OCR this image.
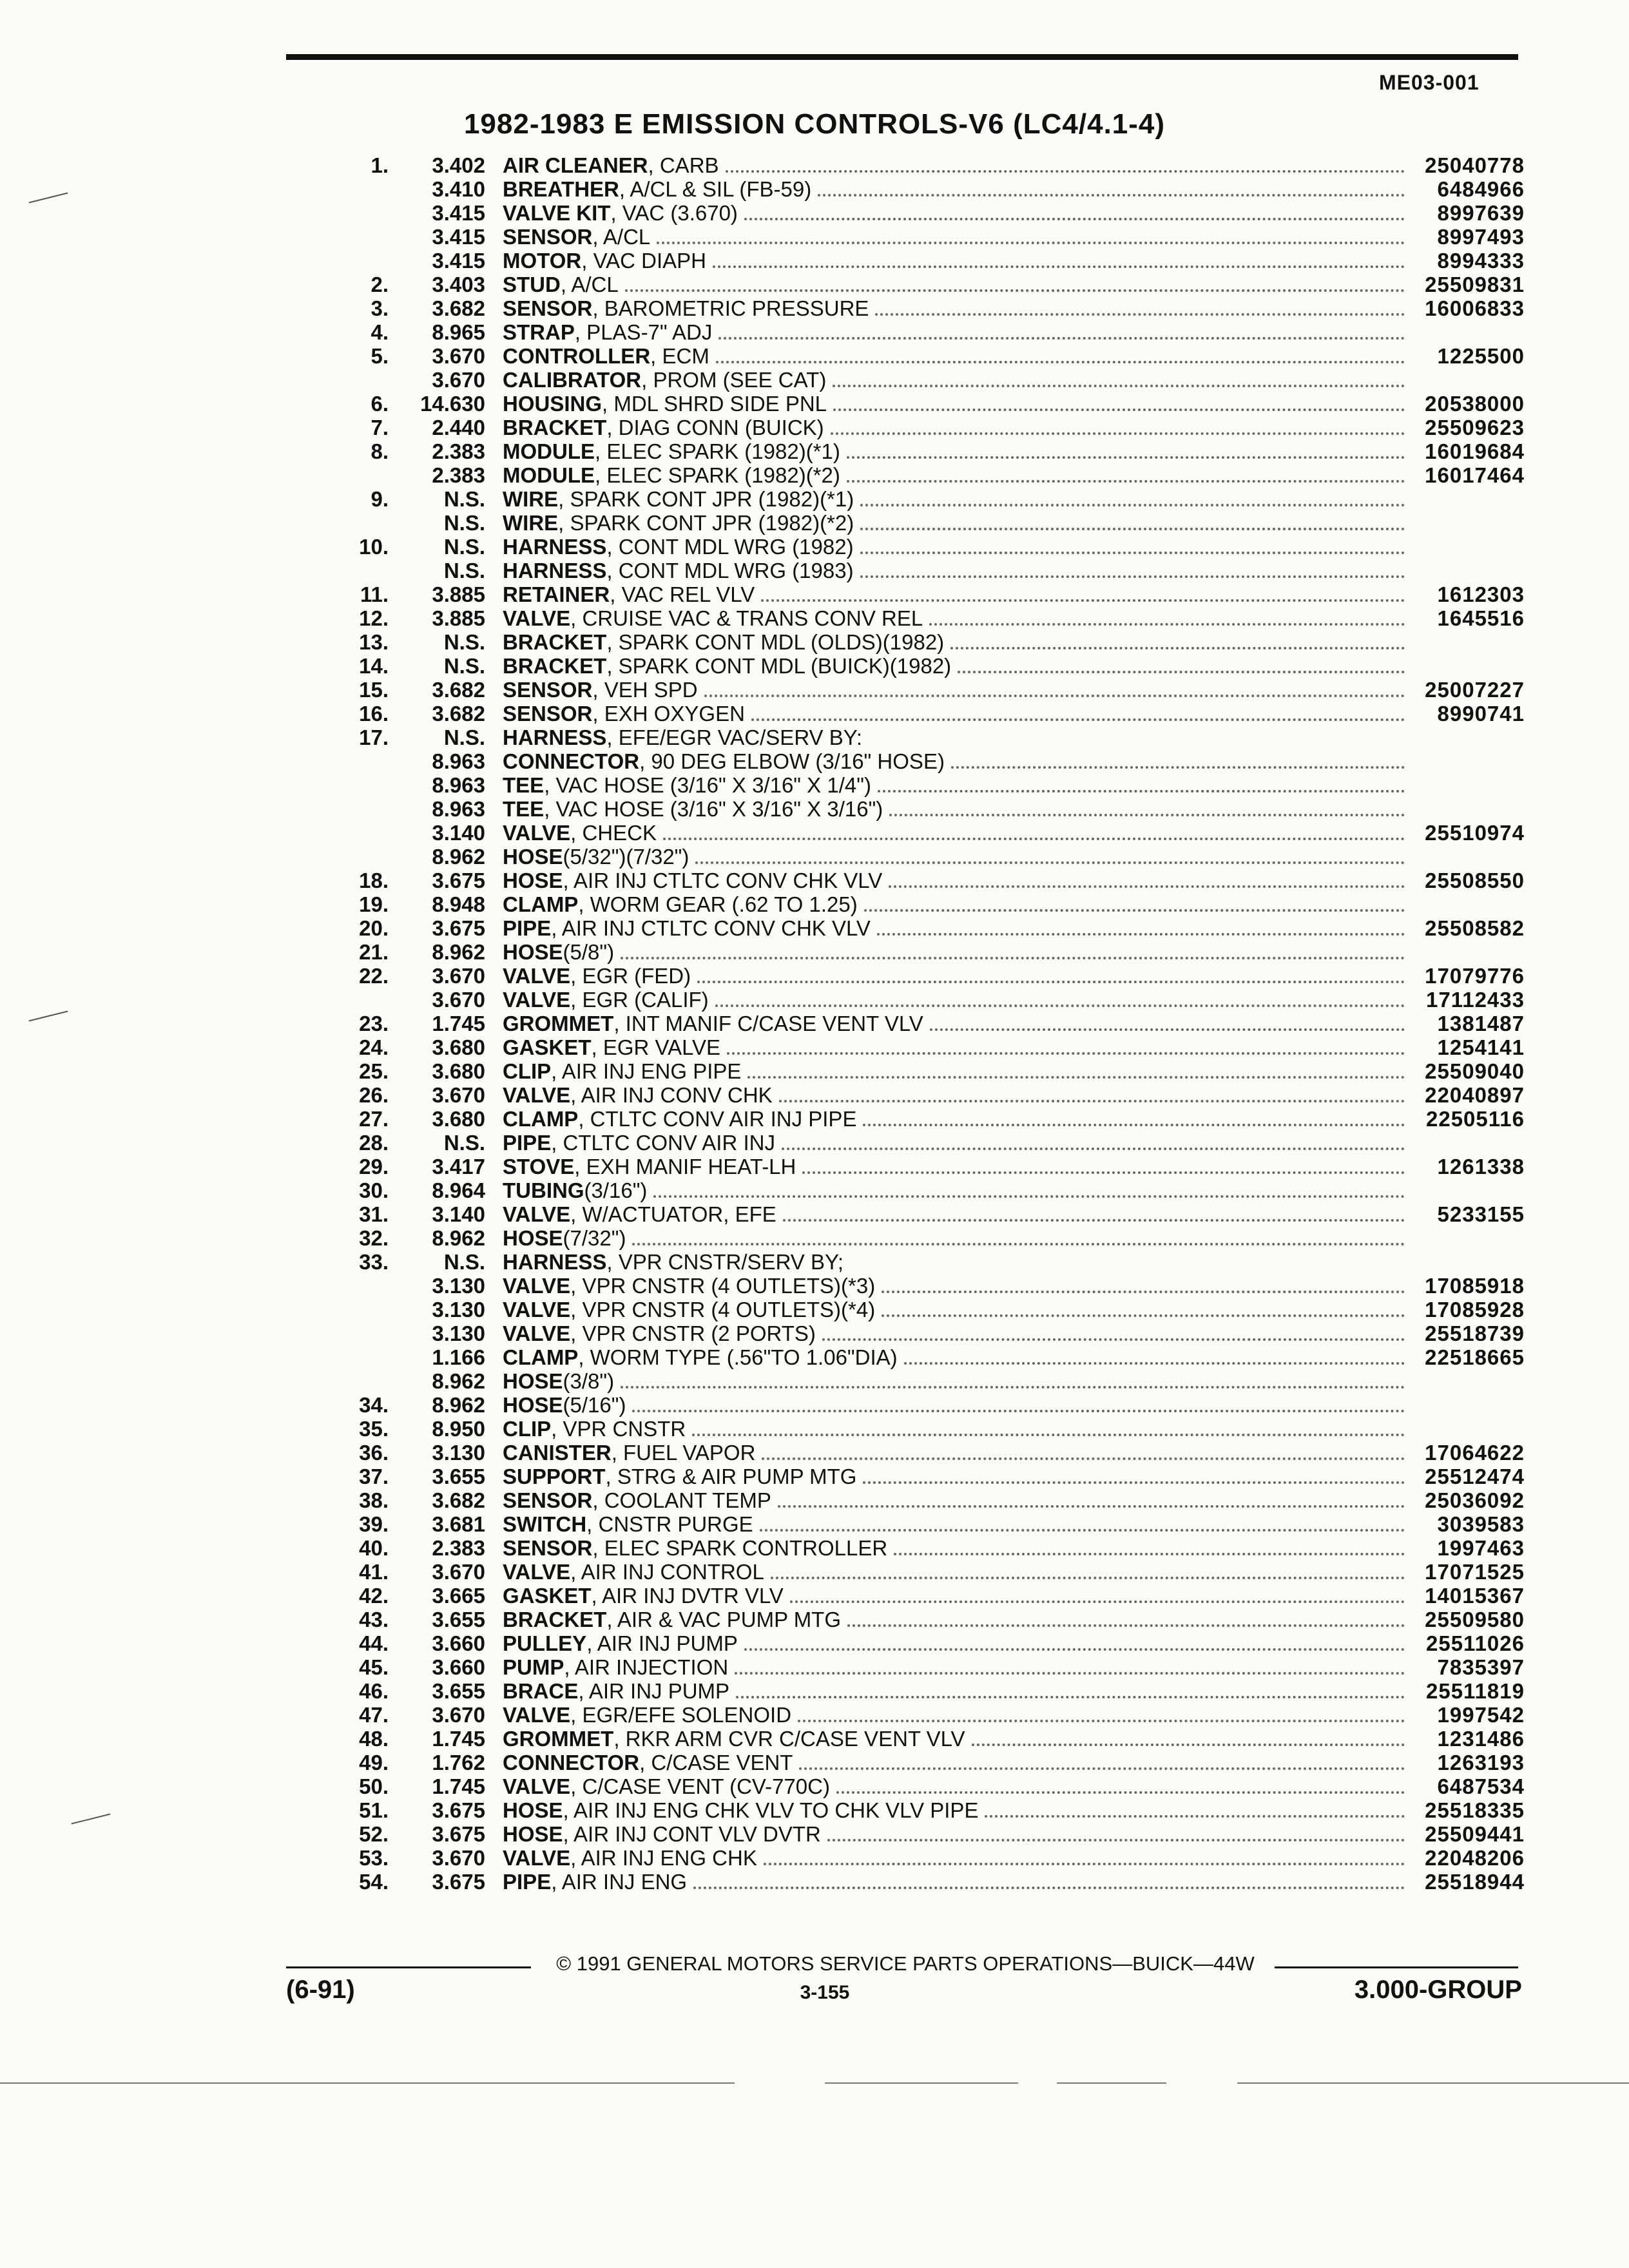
ME03-001
1982-1983 E EMISSION CONTROLS-V6 (LC4/4.1-4)
1. 3.402 AIR CLEANER , CARB	25040778
3.410 BREATHER , A/CL & SIL (FB-59)	6484966
3.415 VALVE KIT , VAC (3.670)	8997639
3.415 SENSOR , A/CL	8997493
3.415 MOTOR , VAC DIAPH	8994333
2. 3.403 STUD , A/CL	25509831
3. 3.682 SENSOR , BAROMETRIC PRESSURE	16006833
4. 8.965 STRAP , PLAS-7" ADJ
5. 3.670 CONTROLLER , ECM	1225500
3.670 CALIBRATOR , PROM (SEE CAT)
6. 14.630 HOUSING , MDL SHRD SIDE PNL	20538000
7. 2.440 BRACKET , DIAG CONN (BUICK)	25509623
8. 2.383 MODULE , ELEC SPARK (1982)(*1)	16019684
2.383 MODULE , ELEC SPARK (1982)(*2)	16017464
9.	N.S. WIRE , SPARK CONT JPR (1982)(*1)
N.S. WIRE , SPARK CONT JPR (1982)(*2)
10.	N.S. HARNESS , CONT MDL WRG (1982)
N.S. HARNESS , CONT MDL WRG (1983)
11. 3.885 RETAINER , VAC REL VLV	1612303
12. 3.885 VALVE , CRUISE VAC & TRANS CONV REL	1645516
13.	N.S. BRACKET , SPARK CONT MDL (OLDS)(1982)
14.	N.S. BRACKET , SPARK CONT MDL (BUICK)(1982)
15. 3.682 SENSOR , VEH SPD	25007227
16. 3.682 SENSOR , EXH OXYGEN	8990741
17.	N.S. HARNESS , EFE/EGR VAC/SERV BY:
8.963 CONNECTOR , 90 DEG ELBOW (3/16" HOSE)
8.963 TEE , VAC HOSE (3/16" X 3/16" X 1/4")
8.963 TEE , VAC HOSE (3/16" X 3/16" X 3/16")
3.140 VALVE , CHECK	25510974
8.962 HOSE (5/32")(7/32")
18. 3.675 HOSE , AIR INJ CTLTC CONV CHK VLV	25508550
19. 8.948 CLAMP , WORM GEAR (.62 TO 1.25)
20. 3.675 PIPE , AIR INJ CTLTC CONV CHK VLV	25508582
21. 8.962 HOSE (5/8")
22. 3.670 VALVE , EGR (FED)	17079776
3.670 VALVE , EGR (CALIF)	17112433
23. 1.745 GROMMET , INT MANIF C/CASE VENT VLV	1381487
24. 3.680 GASKET , EGR VALVE	1254141
25. 3.680 CLIP , AIR INJ ENG PIPE	25509040
26. 3.670 VALVE , AIR INJ CONV CHK	22040897
27. 3.680 CLAMP , CTLTC CONV AIR INJ PIPE	22505116
28.	N.S. PIPE , CTLTC CONV AIR INJ
29. 3.417 STOVE , EXH MANIF HEAT-LH	1261338
30. 8.964 TUBING (3/16")
31. 3.140 VALVE , W/ACTUATOR, EFE	5233155
32. 8.962 HOSE (7/32")
33.	N.S. HARNESS , VPR CNSTR/SERV BY;
3.130 VALVE , VPR CNSTR (4 OUTLETS)(*3)	17085918
3.130 VALVE , VPR CNSTR (4 OUTLETS)(*4)	17085928
3.130 VALVE , VPR CNSTR (2 PORTS)	25518739
1.166 CLAMP , WORM TYPE (.56"TO 1.06"DIA)	22518665
8.962 HOSE (3/8")
34. 8.962 HOSE (5/16")
35. 8.950 CLIP , VPR CNSTR
36. 3.130 CANISTER , FUEL VAPOR	17064622
37. 3.655 SUPPORT , STRG & AIR PUMP MTG	25512474
38. 3.682 SENSOR , COOLANT TEMP	25036092
39. 3.681 SWITCH , CNSTR PURGE	3039583
40. 2.383 SENSOR , ELEC SPARK CONTROLLER	1997463
41. 3.670 VALVE , AIR INJ CONTROL	17071525
42. 3.665 GASKET , AIR INJ DVTR VLV	14015367
43. 3.655 BRACKET , AIR & VAC PUMP MTG	25509580
44. 3.660 PULLEY , AIR INJ PUMP	25511026
45. 3.660 PUMP , AIR INJECTION	7835397
46. 3.655 BRACE , AIR INJ PUMP	25511819
47. 3.670 VALVE , EGR/EFE SOLENOID	1997542
48. 1.745 GROMMET , RKR ARM CVR C/CASE VENT VLV	1231486
49. 1.762 CONNECTOR , C/CASE VENT	1263193
50. 1.745 VALVE , C/CASE VENT (CV-770C)	6487534
51. 3.675 HOSE , AIR INJ ENG CHK VLV TO CHK VLV PIPE	25518335
52. 3.675 HOSE , AIR INJ CONT VLV DVTR	25509441
53. 3.670 VALVE , AIR INJ ENG CHK	22048206
54. 3.675 PIPE , AIR INJ ENG	25518944
© 1991 GENERAL MOTORS SERVICE PARTS OPERATIONS—BUICK—44W
(6-91)	3-155	3.000-GROUP
